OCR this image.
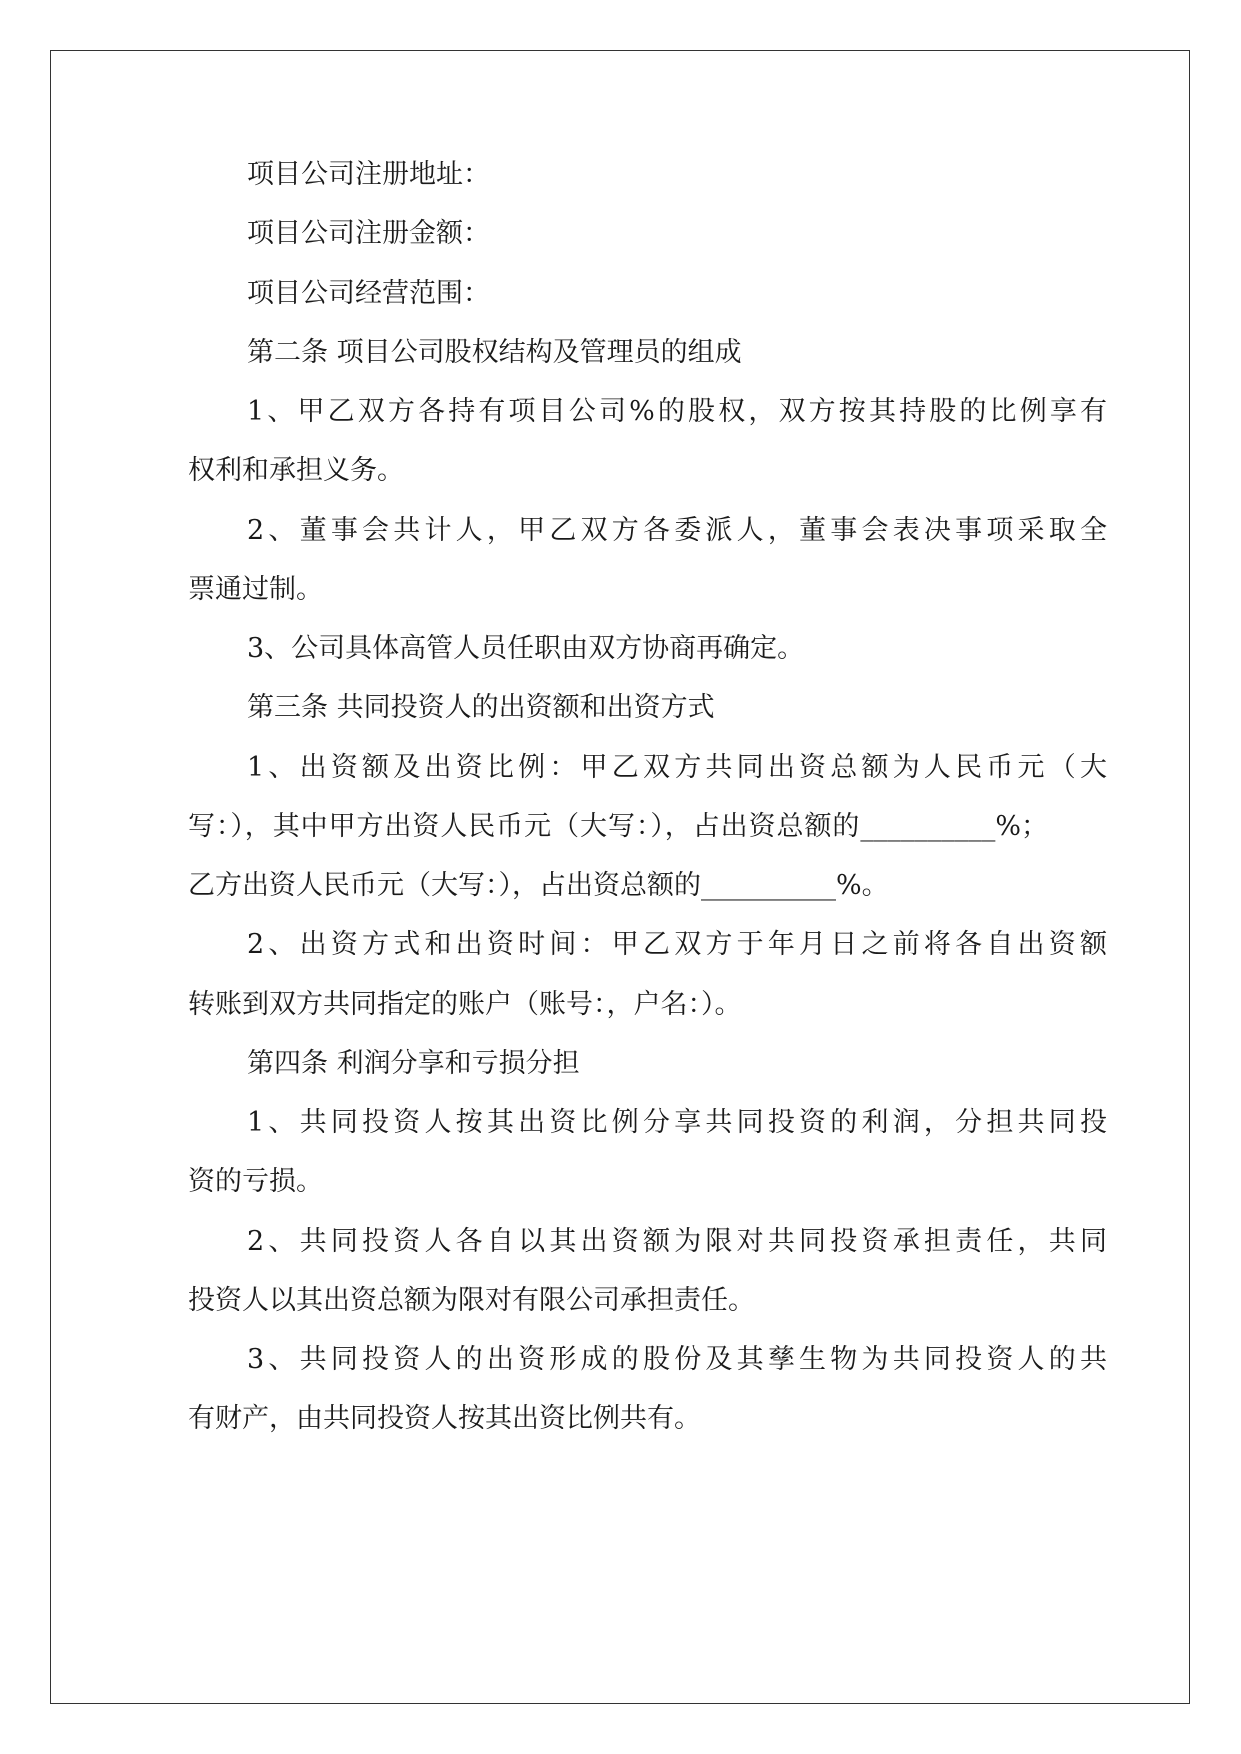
项目公司注册地址：
项目公司注册金额：
项目公司经营范围：
第二条 项目公司股权结构及管理员的组成
1、甲乙双方各持有项目公司%的股权，双方按其持股的比例享有
权利和承担义务。
2、董事会共计人，甲乙双方各委派人，董事会表决事项采取全
票通过制。
3、公司具体高管人员任职由双方协商再确定。
第三条 共同投资人的出资额和出资方式
1、出资额及出资比例：甲乙双方共同出资总额为人民币元（大
写：），其中甲方出资人民币元（大写：），占出资总额的__________%；
乙方出资人民币元（大写：），占出资总额的__________%。
2、出资方式和出资时间：甲乙双方于年月日之前将各自出资额
转账到双方共同指定的账户（账号：，户名：）。
第四条 利润分享和亏损分担
1、共同投资人按其出资比例分享共同投资的利润，分担共同投
资的亏损。
2、共同投资人各自以其出资额为限对共同投资承担责任，共同
投资人以其出资总额为限对有限公司承担责任。
3、共同投资人的出资形成的股份及其孳生物为共同投资人的共
有财产，由共同投资人按其出资比例共有。
